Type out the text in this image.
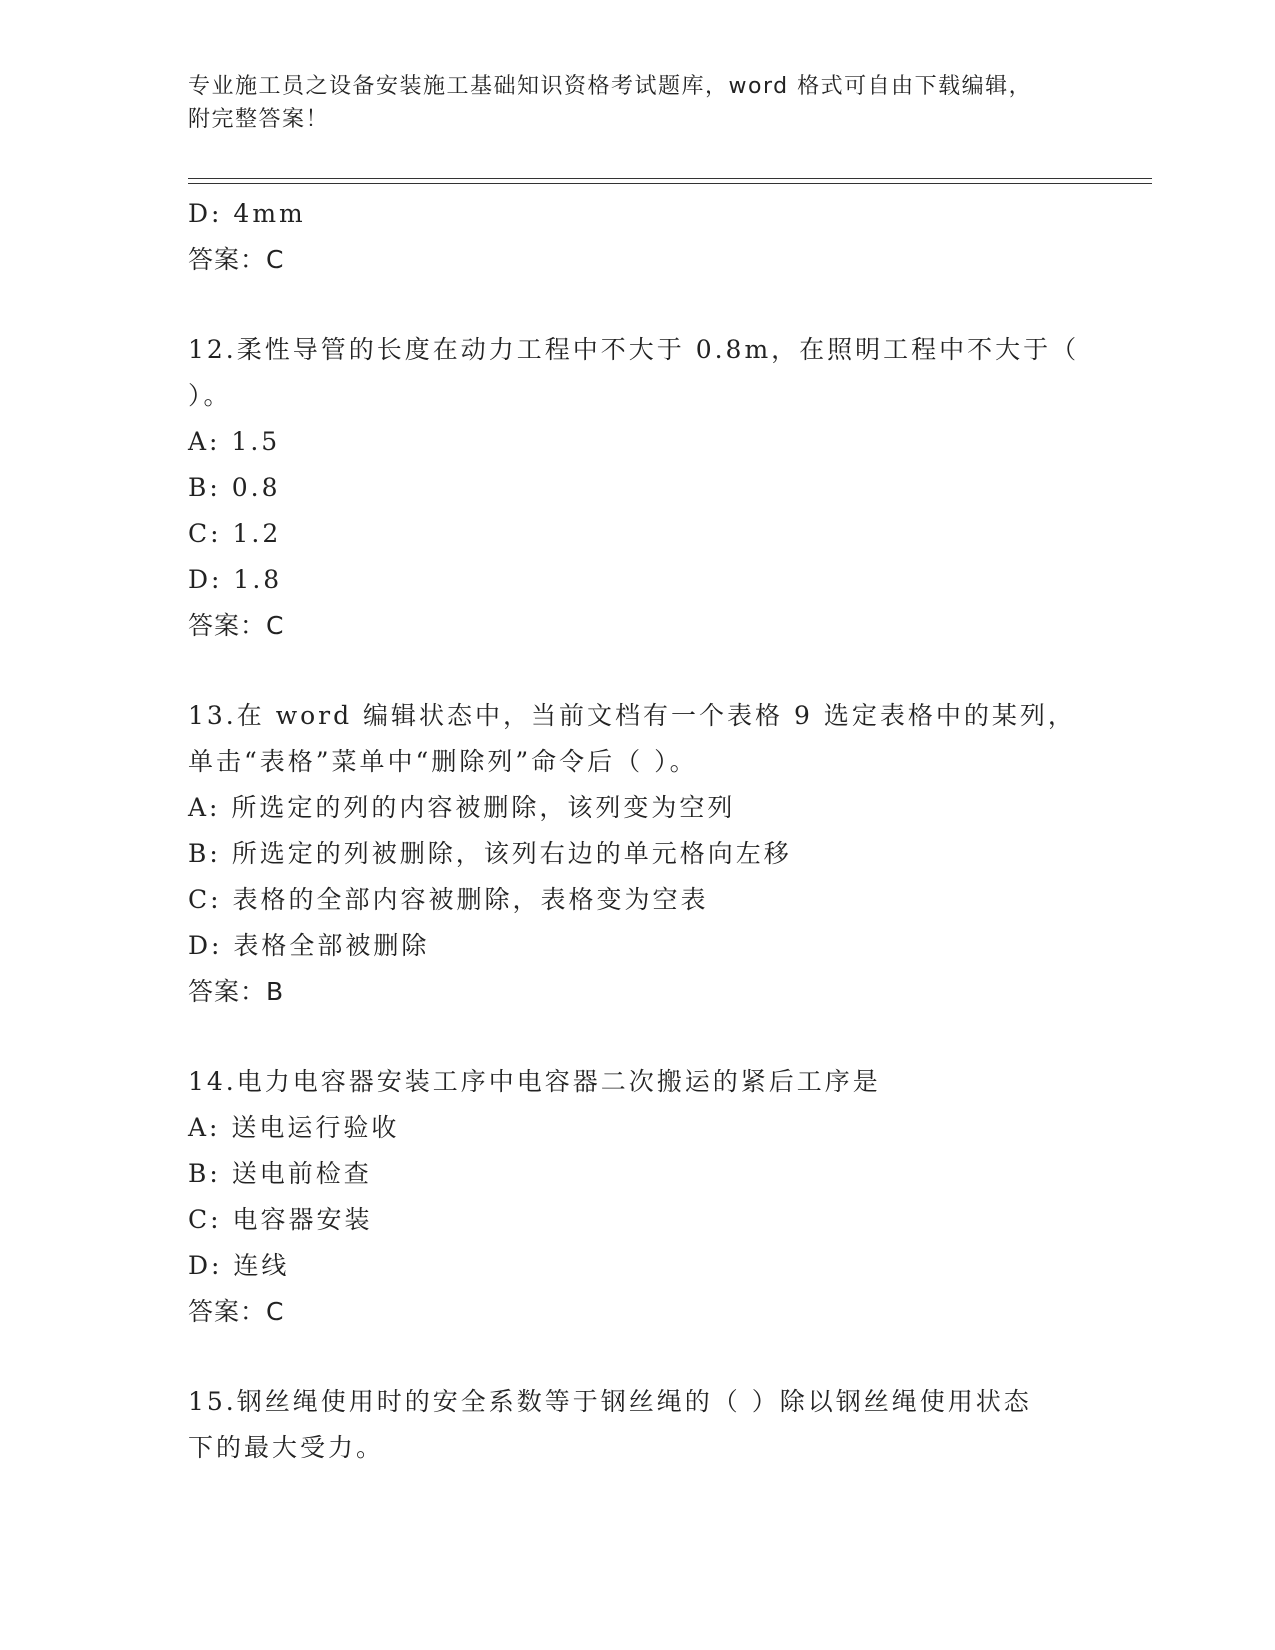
专业施工员之设备安装施工基础知识资格考试题库，word 格式可自由下载编辑，
附完整答案！
D: 4mm
答案：C
12.柔性导管的长度在动力工程中不大于 0.8m，在照明工程中不大于（
）。
A: 1.5
B: 0.8
C: 1.2
D: 1.8
答案：C
13.在 word 编辑状态中，当前文档有一个表格 9 选定表格中的某列，
单击“表格”菜单中“删除列”命令后（ ）。
A: 所选定的列的内容被删除，该列变为空列
B: 所选定的列被删除，该列右边的单元格向左移
C: 表格的全部内容被删除，表格变为空表
D: 表格全部被删除
答案：B
14.电力电容器安装工序中电容器二次搬运的紧后工序是
A: 送电运行验收
B: 送电前检查
C: 电容器安装
D: 连线
答案：C
15.钢丝绳使用时的安全系数等于钢丝绳的（ ）除以钢丝绳使用状态
下的最大受力。
